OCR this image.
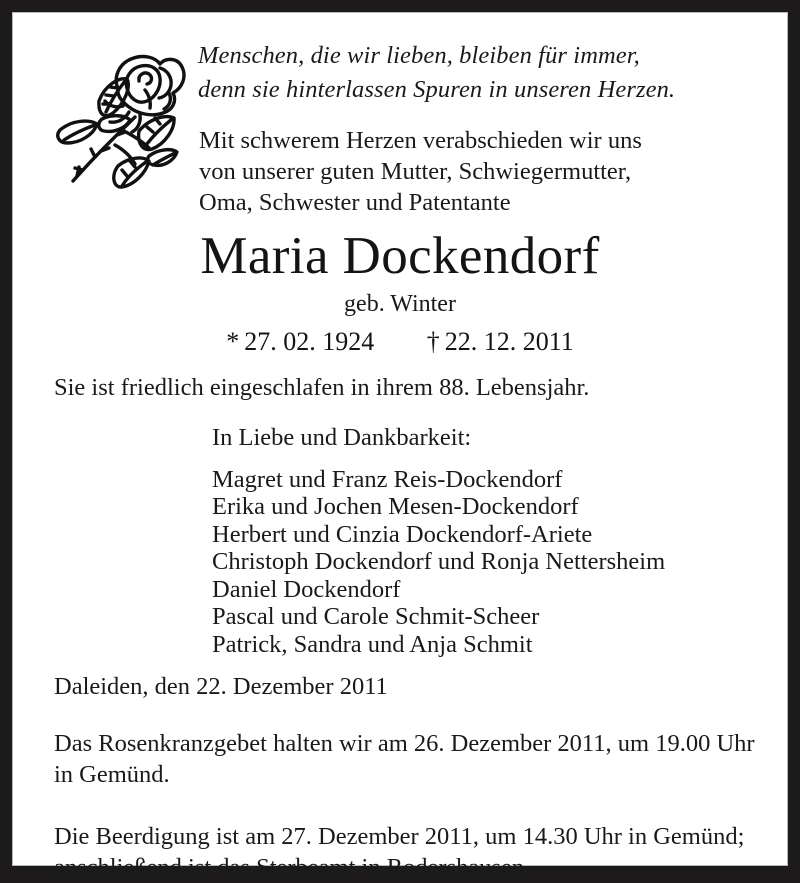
Menschen, die wir lieben, bleiben für immer,
denn sie hinterlassen Spuren in unseren Herzen.
Mit schwerem Herzen verabschieden wir uns
von unserer guten Mutter, Schwiegermutter,
Oma, Schwester und Patentante
Maria Dockendorf
geb. Winter
* 27. 02. 1924 † 22. 12. 2011
Sie ist friedlich eingeschlafen in ihrem 88. Lebensjahr.
In Liebe und Dankbarkeit:
Magret und Franz Reis-Dockendorf
Erika und Jochen Mesen-Dockendorf
Herbert und Cinzia Dockendorf-Ariete
Christoph Dockendorf und Ronja Nettersheim
Daniel Dockendorf
Pascal und Carole Schmit-Scheer
Patrick, Sandra und Anja Schmit
Daleiden, den 22. Dezember 2011
Das Rosenkranzgebet halten wir am 26. Dezember 2011, um 19.00 Uhr in Gemünd.
Die Beerdigung ist am 27. Dezember 2011, um 14.30 Uhr in Gemünd; anschließend ist das Sterbeamt in Rodershausen.
